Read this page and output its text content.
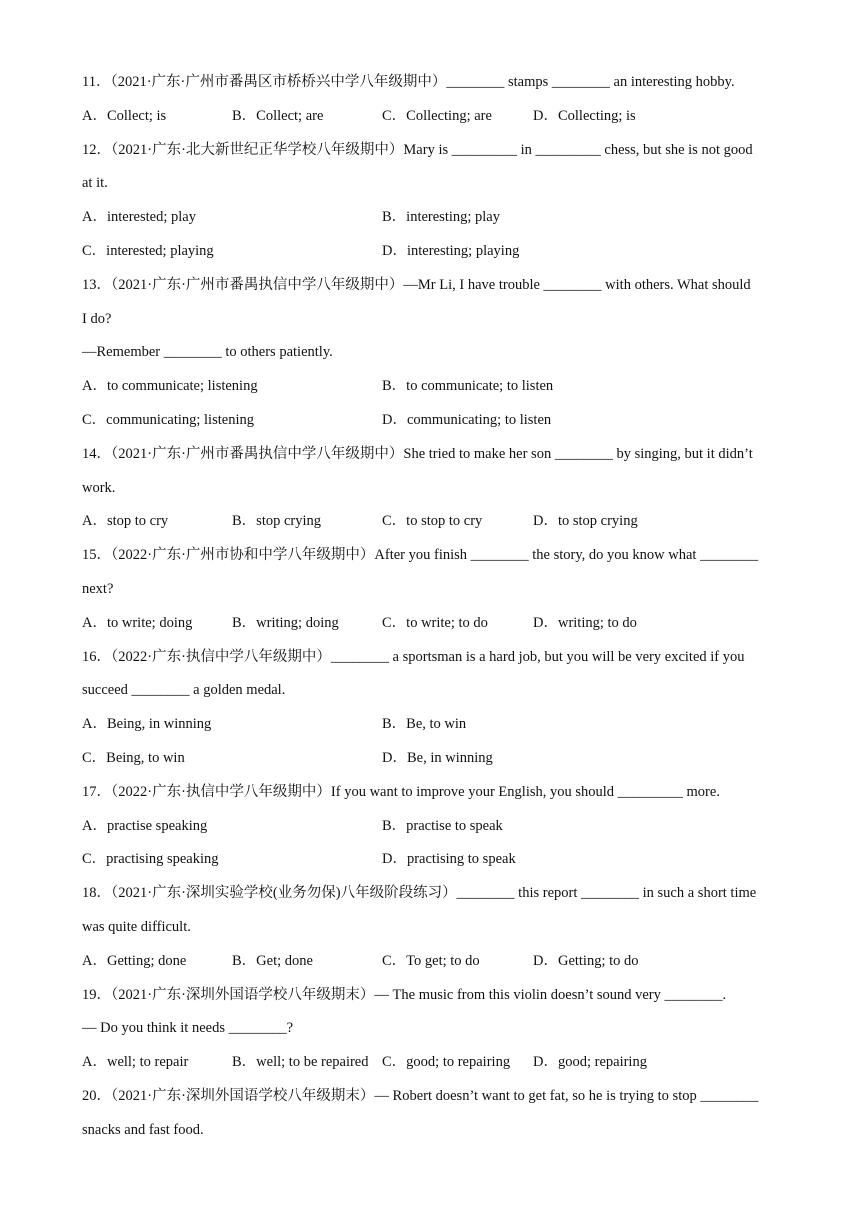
11．（2021·广东·广州市番禺区市桥桥兴中学八年级期中）________ stamps ________ an interesting hobby.
A．Collect; is	B．Collect; are	C．Collecting; are	D．Collecting; is
12．（2021·广东·北大新世纪正华学校八年级期中）Mary is _________ in _________ chess, but she is not good
at it.
A．interested; play	B．interesting; play
C．interested; playing	D．interesting; playing
13．（2021·广东·广州市番禺执信中学八年级期中）—Mr Li, I have trouble ________ with others. What should
I do?
—Remember ________ to others patiently.
A．to communicate; listening	B．to communicate; to listen
C．communicating; listening	D．communicating; to listen
14．（2021·广东·广州市番禺执信中学八年级期中）She tried to make her son ________ by singing, but it didn’t
work.
A．stop to cry	B．stop crying	C．to stop to cry	D．to stop crying
15．（2022·广东·广州市协和中学八年级期中）After you finish ________ the story, do you know what ________
next?
A．to write; doing	B．writing; doing	C．to write; to do	D．writing; to do
16．（2022·广东·执信中学八年级期中）________ a sportsman is a hard job, but you will be very excited if you
succeed ________ a golden medal.
A．Being, in winning	B．Be, to win
C．Being, to win	D．Be, in winning
17．（2022·广东·执信中学八年级期中）If you want to improve your English, you should _________ more.
A．practise speaking	B．practise to speak
C．practising speaking	D．practising to speak
18．（2021·广东·深圳实验学校(业务勿保)八年级阶段练习）________ this report ________ in such a short time
was quite difficult.
A．Getting; done	B．Get; done	C．To get; to do	D．Getting; to do
19．（2021·广东·深圳外国语学校八年级期末）— The music from this violin doesn’t sound very ________.
— Do you think it needs ________?
A．well; to repair	B．well; to be repaired C．good; to repairing D．good; repairing
20．（2021·广东·深圳外国语学校八年级期末）— Robert doesn’t want to get fat, so he is trying to stop ________
snacks and fast food.
